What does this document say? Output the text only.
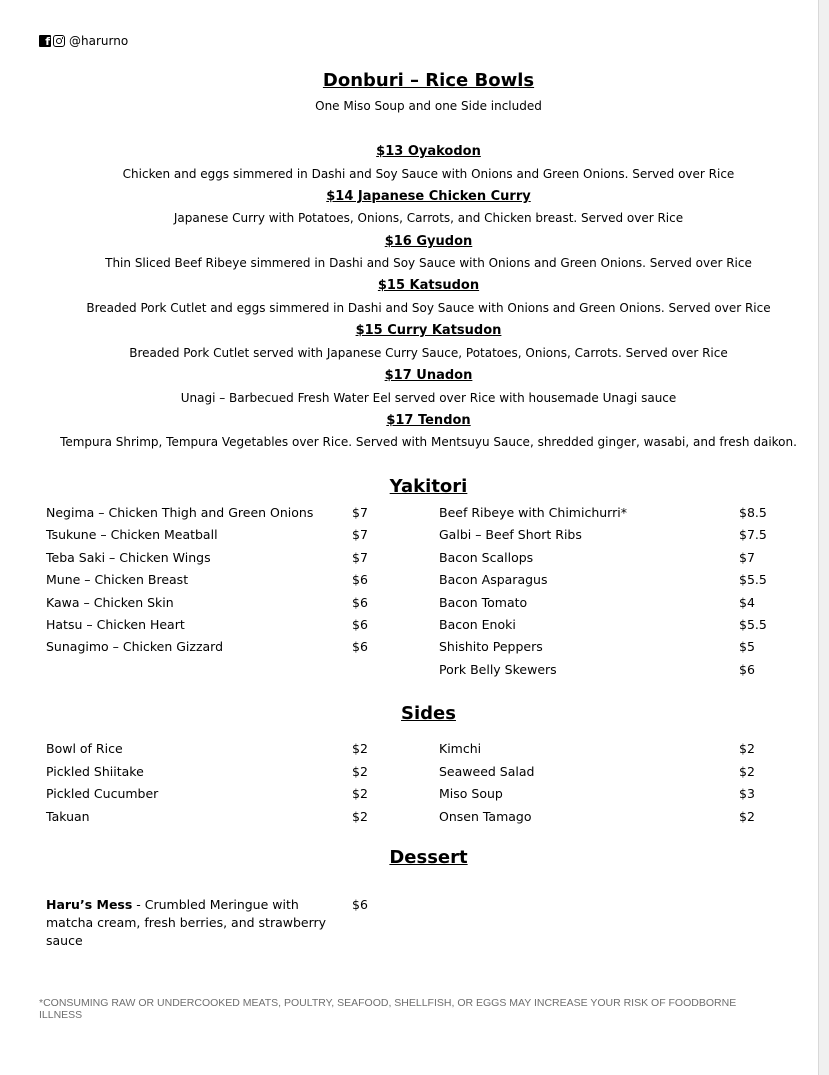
f @harurno
Donburi – Rice Bowls
One Miso Soup and one Side included
$13 Oyakodon
Chicken and eggs simmered in Dashi and Soy Sauce with Onions and Green Onions. Served over Rice
$14 Japanese Chicken Curry
Japanese Curry with Potatoes, Onions, Carrots, and Chicken breast. Served over Rice
$16 Gyudon
Thin Sliced Beef Ribeye simmered in Dashi and Soy Sauce with Onions and Green Onions. Served over Rice
$15 Katsudon
Breaded Pork Cutlet and eggs simmered in Dashi and Soy Sauce with Onions and Green Onions. Served over Rice
$15 Curry Katsudon
Breaded Pork Cutlet served with Japanese Curry Sauce, Potatoes, Onions, Carrots. Served over Rice
$17 Unadon
Unagi – Barbecued Fresh Water Eel served over Rice with housemade Unagi sauce
$17 Tendon
Tempura Shrimp, Tempura Vegetables over Rice. Served with Mentsuyu Sauce, shredded ginger, wasabi, and fresh daikon.
Yakitori
Negima – Chicken Thigh and Green Onions	$7
Tsukune – Chicken Meatball	$7
Teba Saki – Chicken Wings	$7
Mune – Chicken Breast	$6
Kawa – Chicken Skin	$6
Hatsu – Chicken Heart	$6
Sunagimo – Chicken Gizzard	$6
Beef Ribeye with Chimichurri*	$8.5
Galbi – Beef Short Ribs	$7.5
Bacon Scallops	$7
Bacon Asparagus	$5.5
Bacon Tomato	$4
Bacon Enoki	$5.5
Shishito Peppers	$5
Pork Belly Skewers	$6
Sides
Bowl of Rice	$2
Pickled Shiitake	$2
Pickled Cucumber	$2
Takuan	$2
Kimchi	$2
Seaweed Salad	$2
Miso Soup	$3
Onsen Tamago	$2
Dessert
Haru’s Mess - Crumbled Meringue with matcha cream, fresh berries, and strawberry sauce
$6
*CONSUMING RAW OR UNDERCOOKED MEATS, POULTRY, SEAFOOD, SHELLFISH, OR EGGS MAY INCREASE YOUR RISK OF FOODBORNE ILLNESS
